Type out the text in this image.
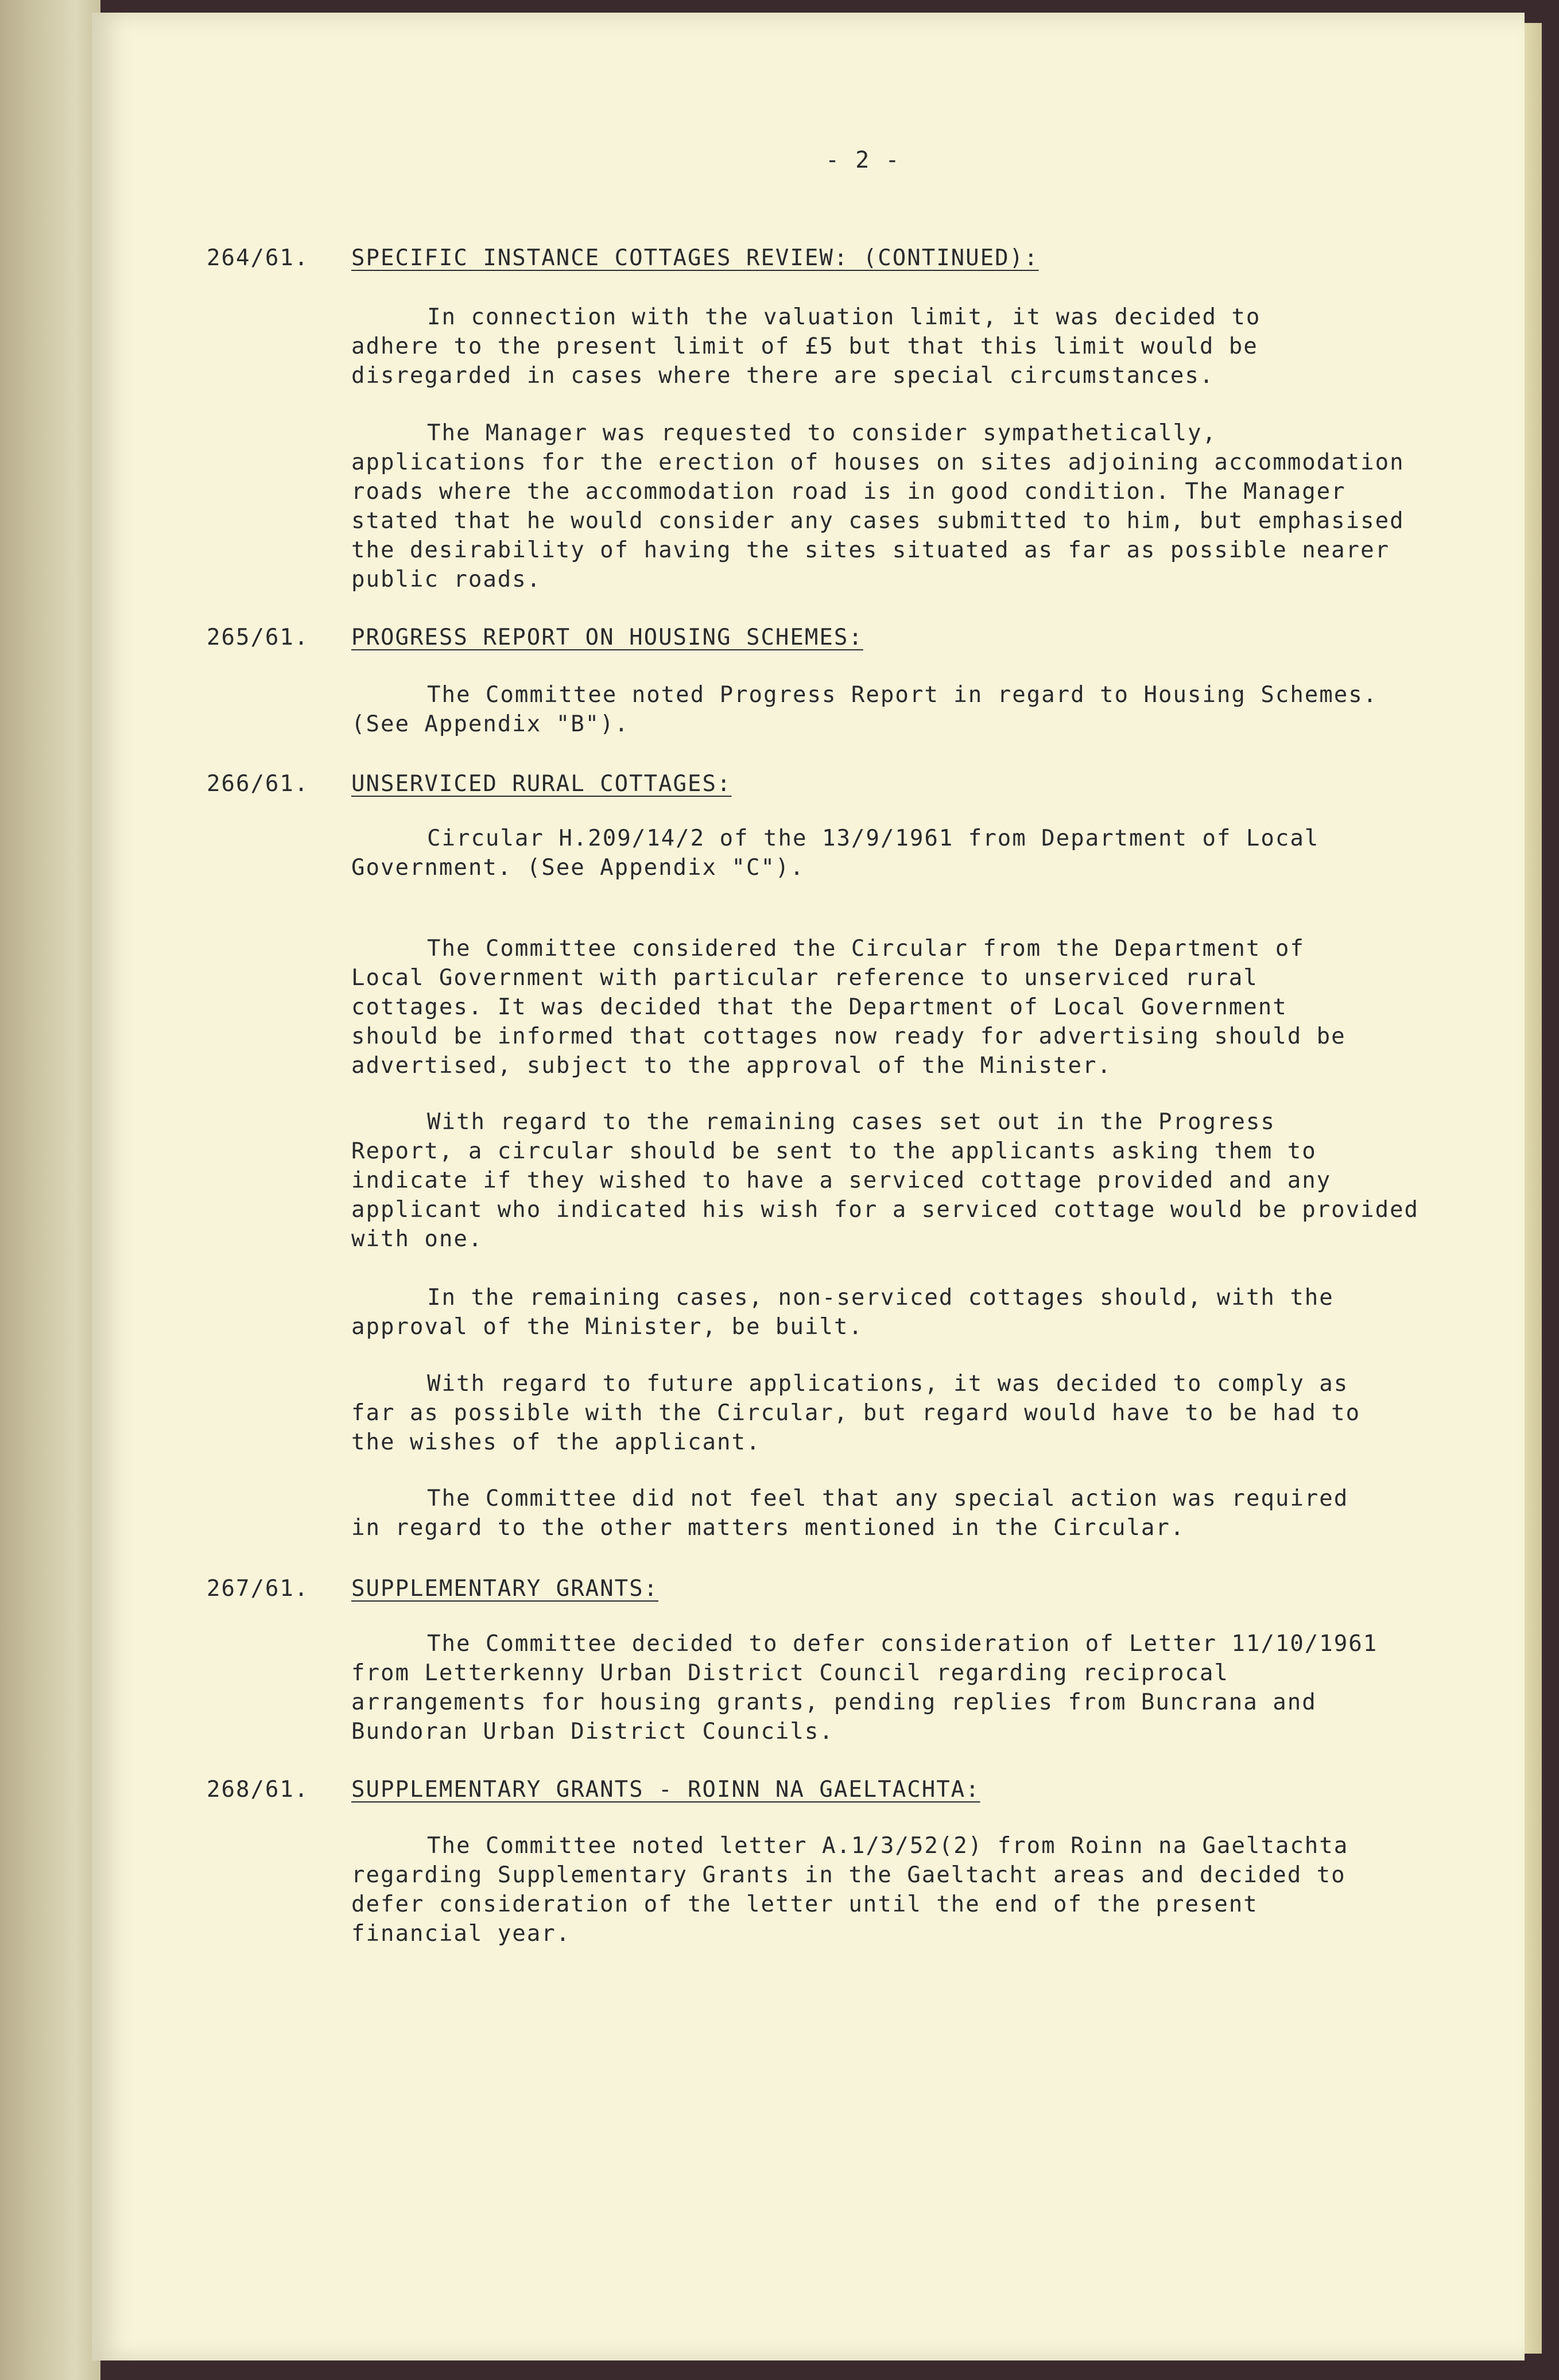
- 2 -
264/61. SPECIFIC INSTANCE COTTAGES REVIEW: (CONTINUED):
In connection with the valuation limit, it was decided to
adhere to the present limit of £5 but that this limit would be
disregarded in cases where there are special circumstances.
The Manager was requested to consider sympathetically,
applications for the erection of houses on sites adjoining accommodation
roads where the accommodation road is in good condition. The Manager
stated that he would consider any cases submitted to him, but emphasised
the desirability of having the sites situated as far as possible nearer
public roads.
265/61. PROGRESS REPORT ON HOUSING SCHEMES:
The Committee noted Progress Report in regard to Housing Schemes.
(See Appendix "B").
266/61. UNSERVICED RURAL COTTAGES:
Circular H.209/14/2 of the 13/9/1961 from Department of Local
Government. (See Appendix "C").
The Committee considered the Circular from the Department of
Local Government with particular reference to unserviced rural
cottages. It was decided that the Department of Local Government
should be informed that cottages now ready for advertising should be
advertised, subject to the approval of the Minister.
With regard to the remaining cases set out in the Progress
Report, a circular should be sent to the applicants asking them to
indicate if they wished to have a serviced cottage provided and any
applicant who indicated his wish for a serviced cottage would be provided
with one.
In the remaining cases, non-serviced cottages should, with the
approval of the Minister, be built.
With regard to future applications, it was decided to comply as
far as possible with the Circular, but regard would have to be had to
the wishes of the applicant.
The Committee did not feel that any special action was required
in regard to the other matters mentioned in the Circular.
267/61. SUPPLEMENTARY GRANTS:
The Committee decided to defer consideration of Letter 11/10/1961
from Letterkenny Urban District Council regarding reciprocal
arrangements for housing grants, pending replies from Buncrana and
Bundoran Urban District Councils.
268/61. SUPPLEMENTARY GRANTS - ROINN NA GAELTACHTA:
The Committee noted letter A.1/3/52(2) from Roinn na Gaeltachta
regarding Supplementary Grants in the Gaeltacht areas and decided to
defer consideration of the letter until the end of the present
financial year.
